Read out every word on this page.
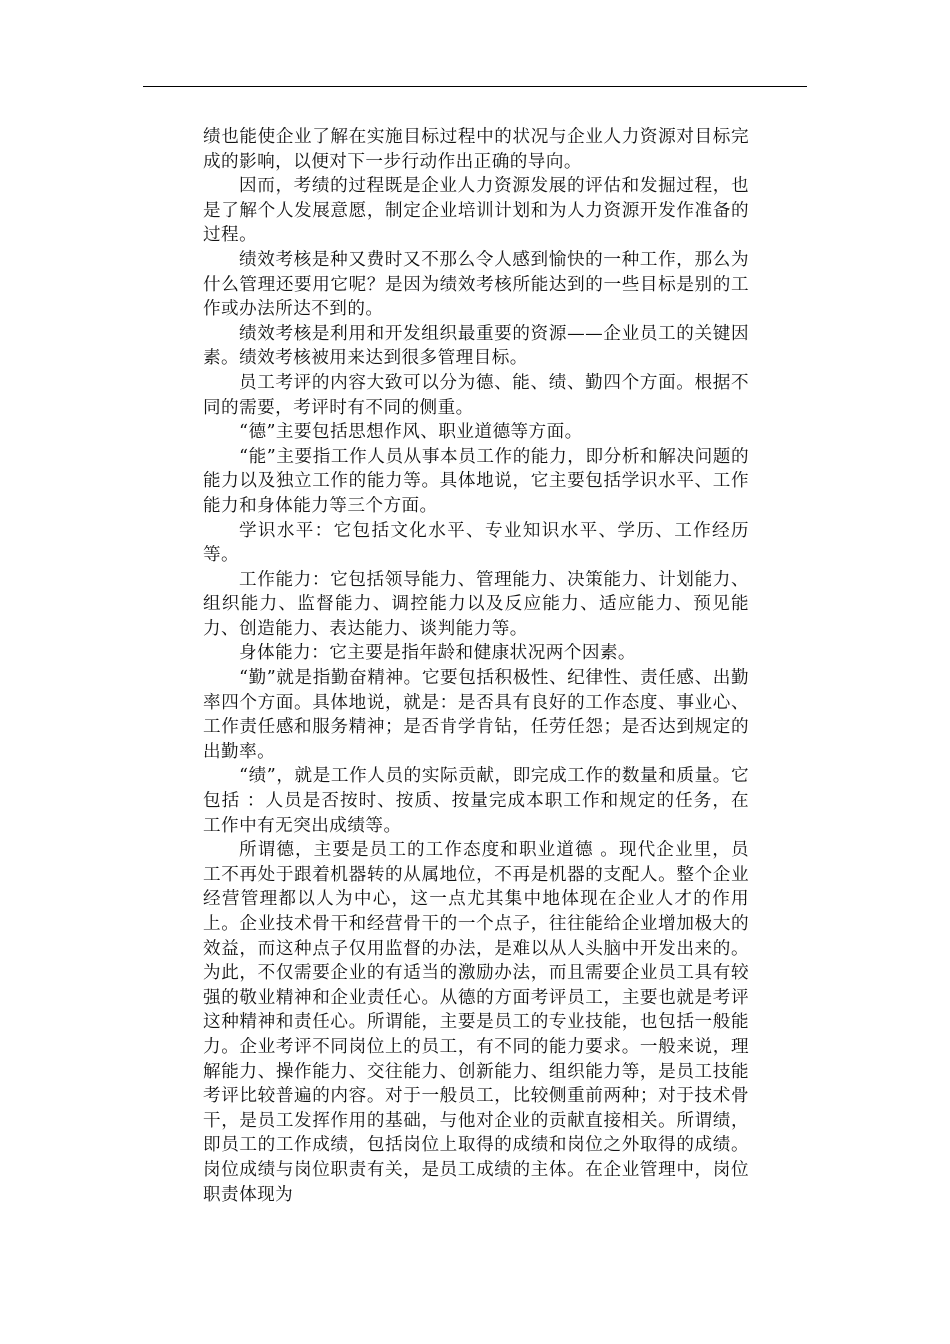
绩也能使企业了解在实施目标过程中的状况与企业人力资源对目标完成的影响，以便对下一步行动作出正确的导向。

因而，考绩的过程既是企业人力资源发展的评估和发掘过程，也是了解个人发展意愿，制定企业培训计划和为人力资源开发作准备的过程。

绩效考核是种又费时又不那么令人感到愉快的一种工作，那么为什么管理还要用它呢？是因为绩效考核所能达到的一些目标是别的工作或办法所达不到的。

绩效考核是利用和开发组织最重要的资源——企业员工的关键因素。绩效考核被用来达到很多管理目标。

员工考评的内容大致可以分为德、能、绩、勤四个方面。根据不同的需要，考评时有不同的侧重。

“德”主要包括思想作风、职业道德等方面。

“能”主要指工作人员从事本员工作的能力，即分析和解决问题的能力以及独立工作的能力等。具体地说，它主要包括学识水平、工作能力和身体能力等三个方面。

学识水平：它包括文化水平、专业知识水平、学历、工作经历等。

工作能力：它包括领导能力、管理能力、决策能力、计划能力、组织能力、监督能力、调控能力以及反应能力、适应能力、预见能力、创造能力、表达能力、谈判能力等。

身体能力：它主要是指年龄和健康状况两个因素。

“勤”就是指勤奋精神。它要包括积极性、纪律性、责任感、出勤率四个方面。具体地说，就是：是否具有良好的工作态度、事业心、工作责任感和服务精神；是否肯学肯钻，任劳任怨；是否达到规定的出勤率。

“绩”，就是工作人员的实际贡献，即完成工作的数量和质量。它包括 ：人员是否按时、按质、按量完成本职工作和规定的任务，在工作中有无突出成绩等。

所谓德，主要是员工的工作态度和职业道德 。现代企业里，员工不再处于跟着机器转的从属地位，不再是机器的支配人。整个企业经营管理都以人为中心，这一点尤其集中地体现在企业人才的作用上。企业技术骨干和经营骨干的一个点子，往往能给企业增加极大的效益，而这种点子仅用监督的办法，是难以从人头脑中开发出来的。为此，不仅需要企业的有适当的激励办法，而且需要企业员工具有较强的敬业精神和企业责任心。从德的方面考评员工，主要也就是考评这种精神和责任心。所谓能，主要是员工的专业技能，也包括一般能力。企业考评不同岗位上的员工，有不同的能力要求。一般来说，理解能力、操作能力、交往能力、创新能力、组织能力等，是员工技能考评比较普遍的内容。对于一般员工，比较侧重前两种；对于技术骨干，是员工发挥作用的基础，与他对企业的贡献直接相关。所谓绩，即员工的工作成绩，包括岗位上取得的成绩和岗位之外取得的成绩。岗位成绩与岗位职责有关，是员工成绩的主体。在企业管理中，岗位职责体现为
